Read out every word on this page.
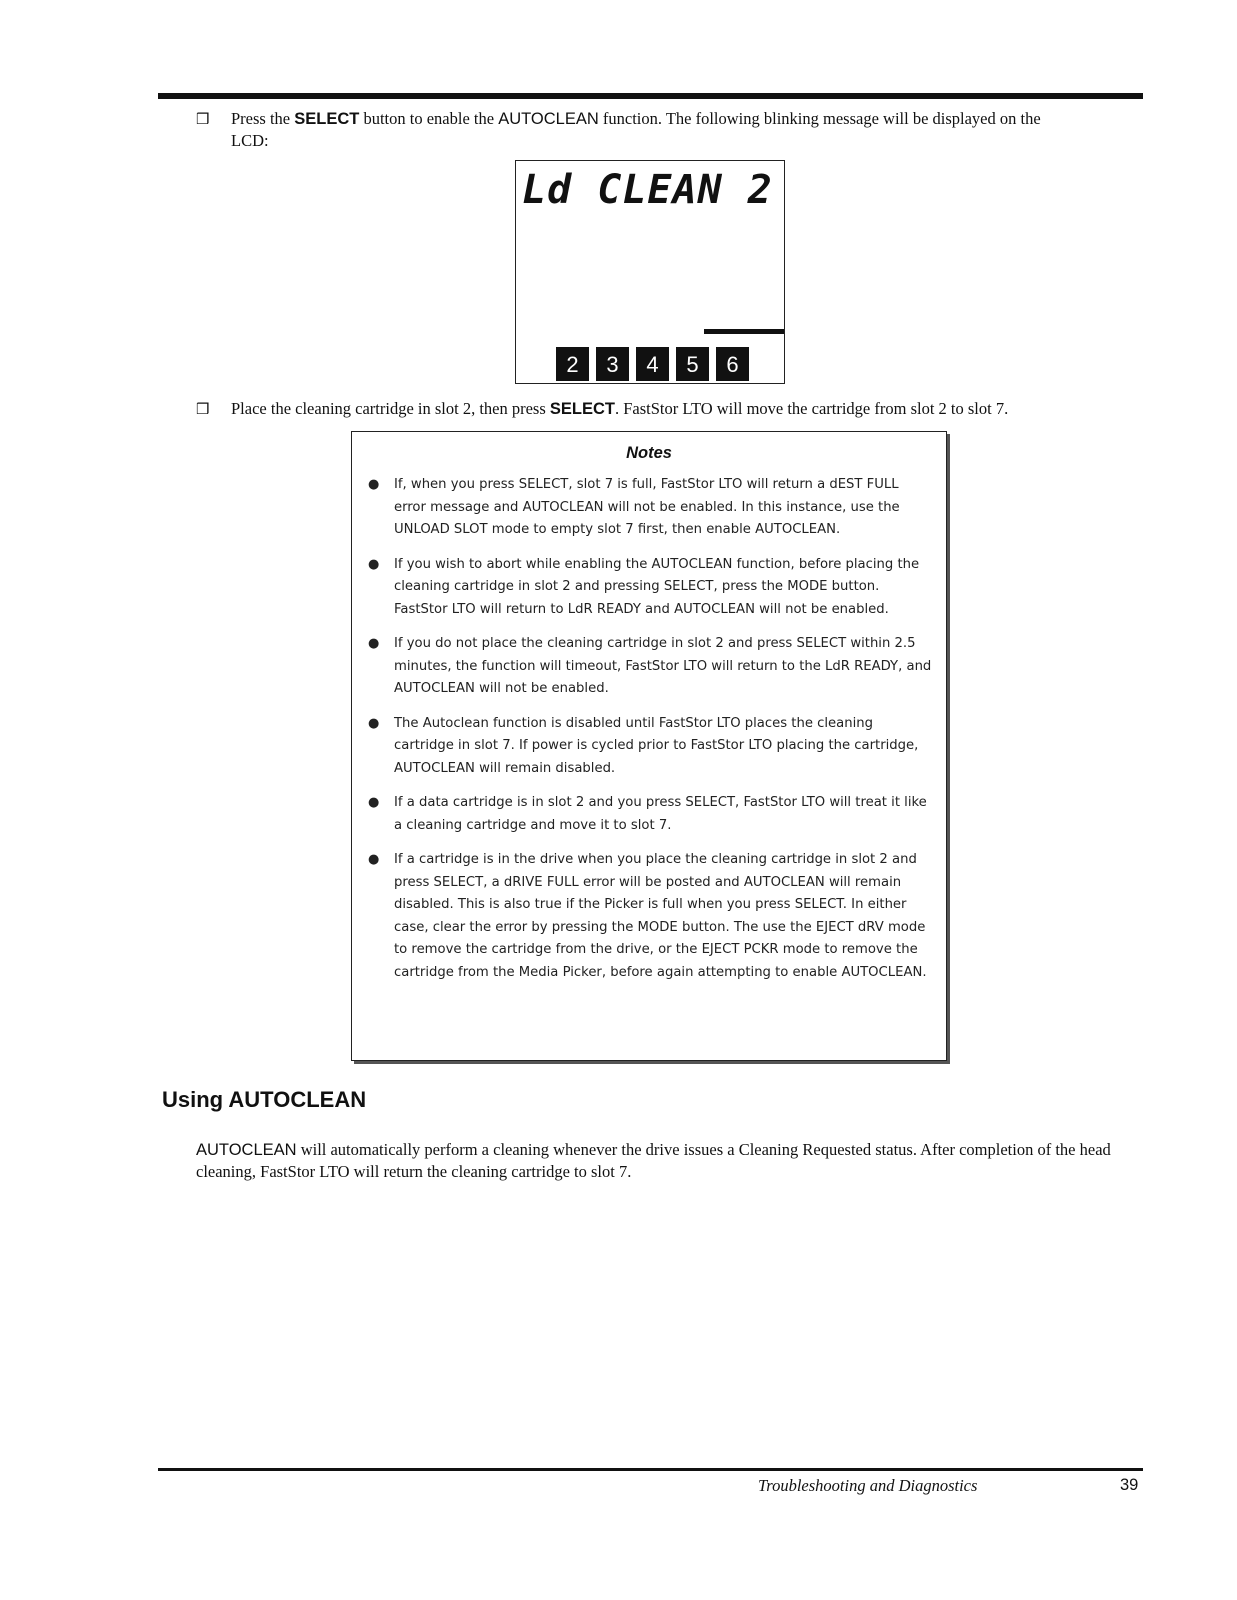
❒	Press the SELECT button to enable the AUTOCLEAN function. The following blinking message will be displayed on the
LCD:
Ld CLEAN 2
2	3	4	5	6
❒	Place the cleaning cartridge in slot 2, then press SELECT. FastStor LTO will move the cartridge from slot 2 to slot 7.
Notes
● If, when you press SELECT, slot 7 is full, FastStor LTO will return a dEST FULL error message and AUTOCLEAN will not be enabled. In this instance, use the UNLOAD SLOT mode to empty slot 7 first, then enable AUTOCLEAN.
● If you wish to abort while enabling the AUTOCLEAN function, before placing the cleaning cartridge in slot 2 and pressing SELECT, press the MODE button. FastStor LTO will return to LdR READY and AUTOCLEAN will not be enabled.
● If you do not place the cleaning cartridge in slot 2 and press SELECT within 2.5 minutes, the function will timeout, FastStor LTO will return to the LdR READY, and AUTOCLEAN will not be enabled.
● The Autoclean function is disabled until FastStor LTO places the cleaning cartridge in slot 7. If power is cycled prior to FastStor LTO placing the cartridge, AUTOCLEAN will remain disabled.
● If a data cartridge is in slot 2 and you press SELECT, FastStor LTO will treat it like a cleaning cartridge and move it to slot 7.
● If a cartridge is in the drive when you place the cleaning cartridge in slot 2 and press SELECT, a dRIVE FULL error will be posted and AUTOCLEAN will remain disabled. This is also true if the Picker is full when you press SELECT. In either case, clear the error by pressing the MODE button. The use the EJECT dRV mode to remove the cartridge from the drive, or the EJECT PCKR mode to remove the cartridge from the Media Picker, before again attempting to enable AUTOCLEAN.
Using AUTOCLEAN
AUTOCLEAN will automatically perform a cleaning whenever the drive issues a Cleaning Requested status. After completion of the head cleaning, FastStor LTO will return the cleaning cartridge to slot 7.
Troubleshooting and Diagnostics	39
